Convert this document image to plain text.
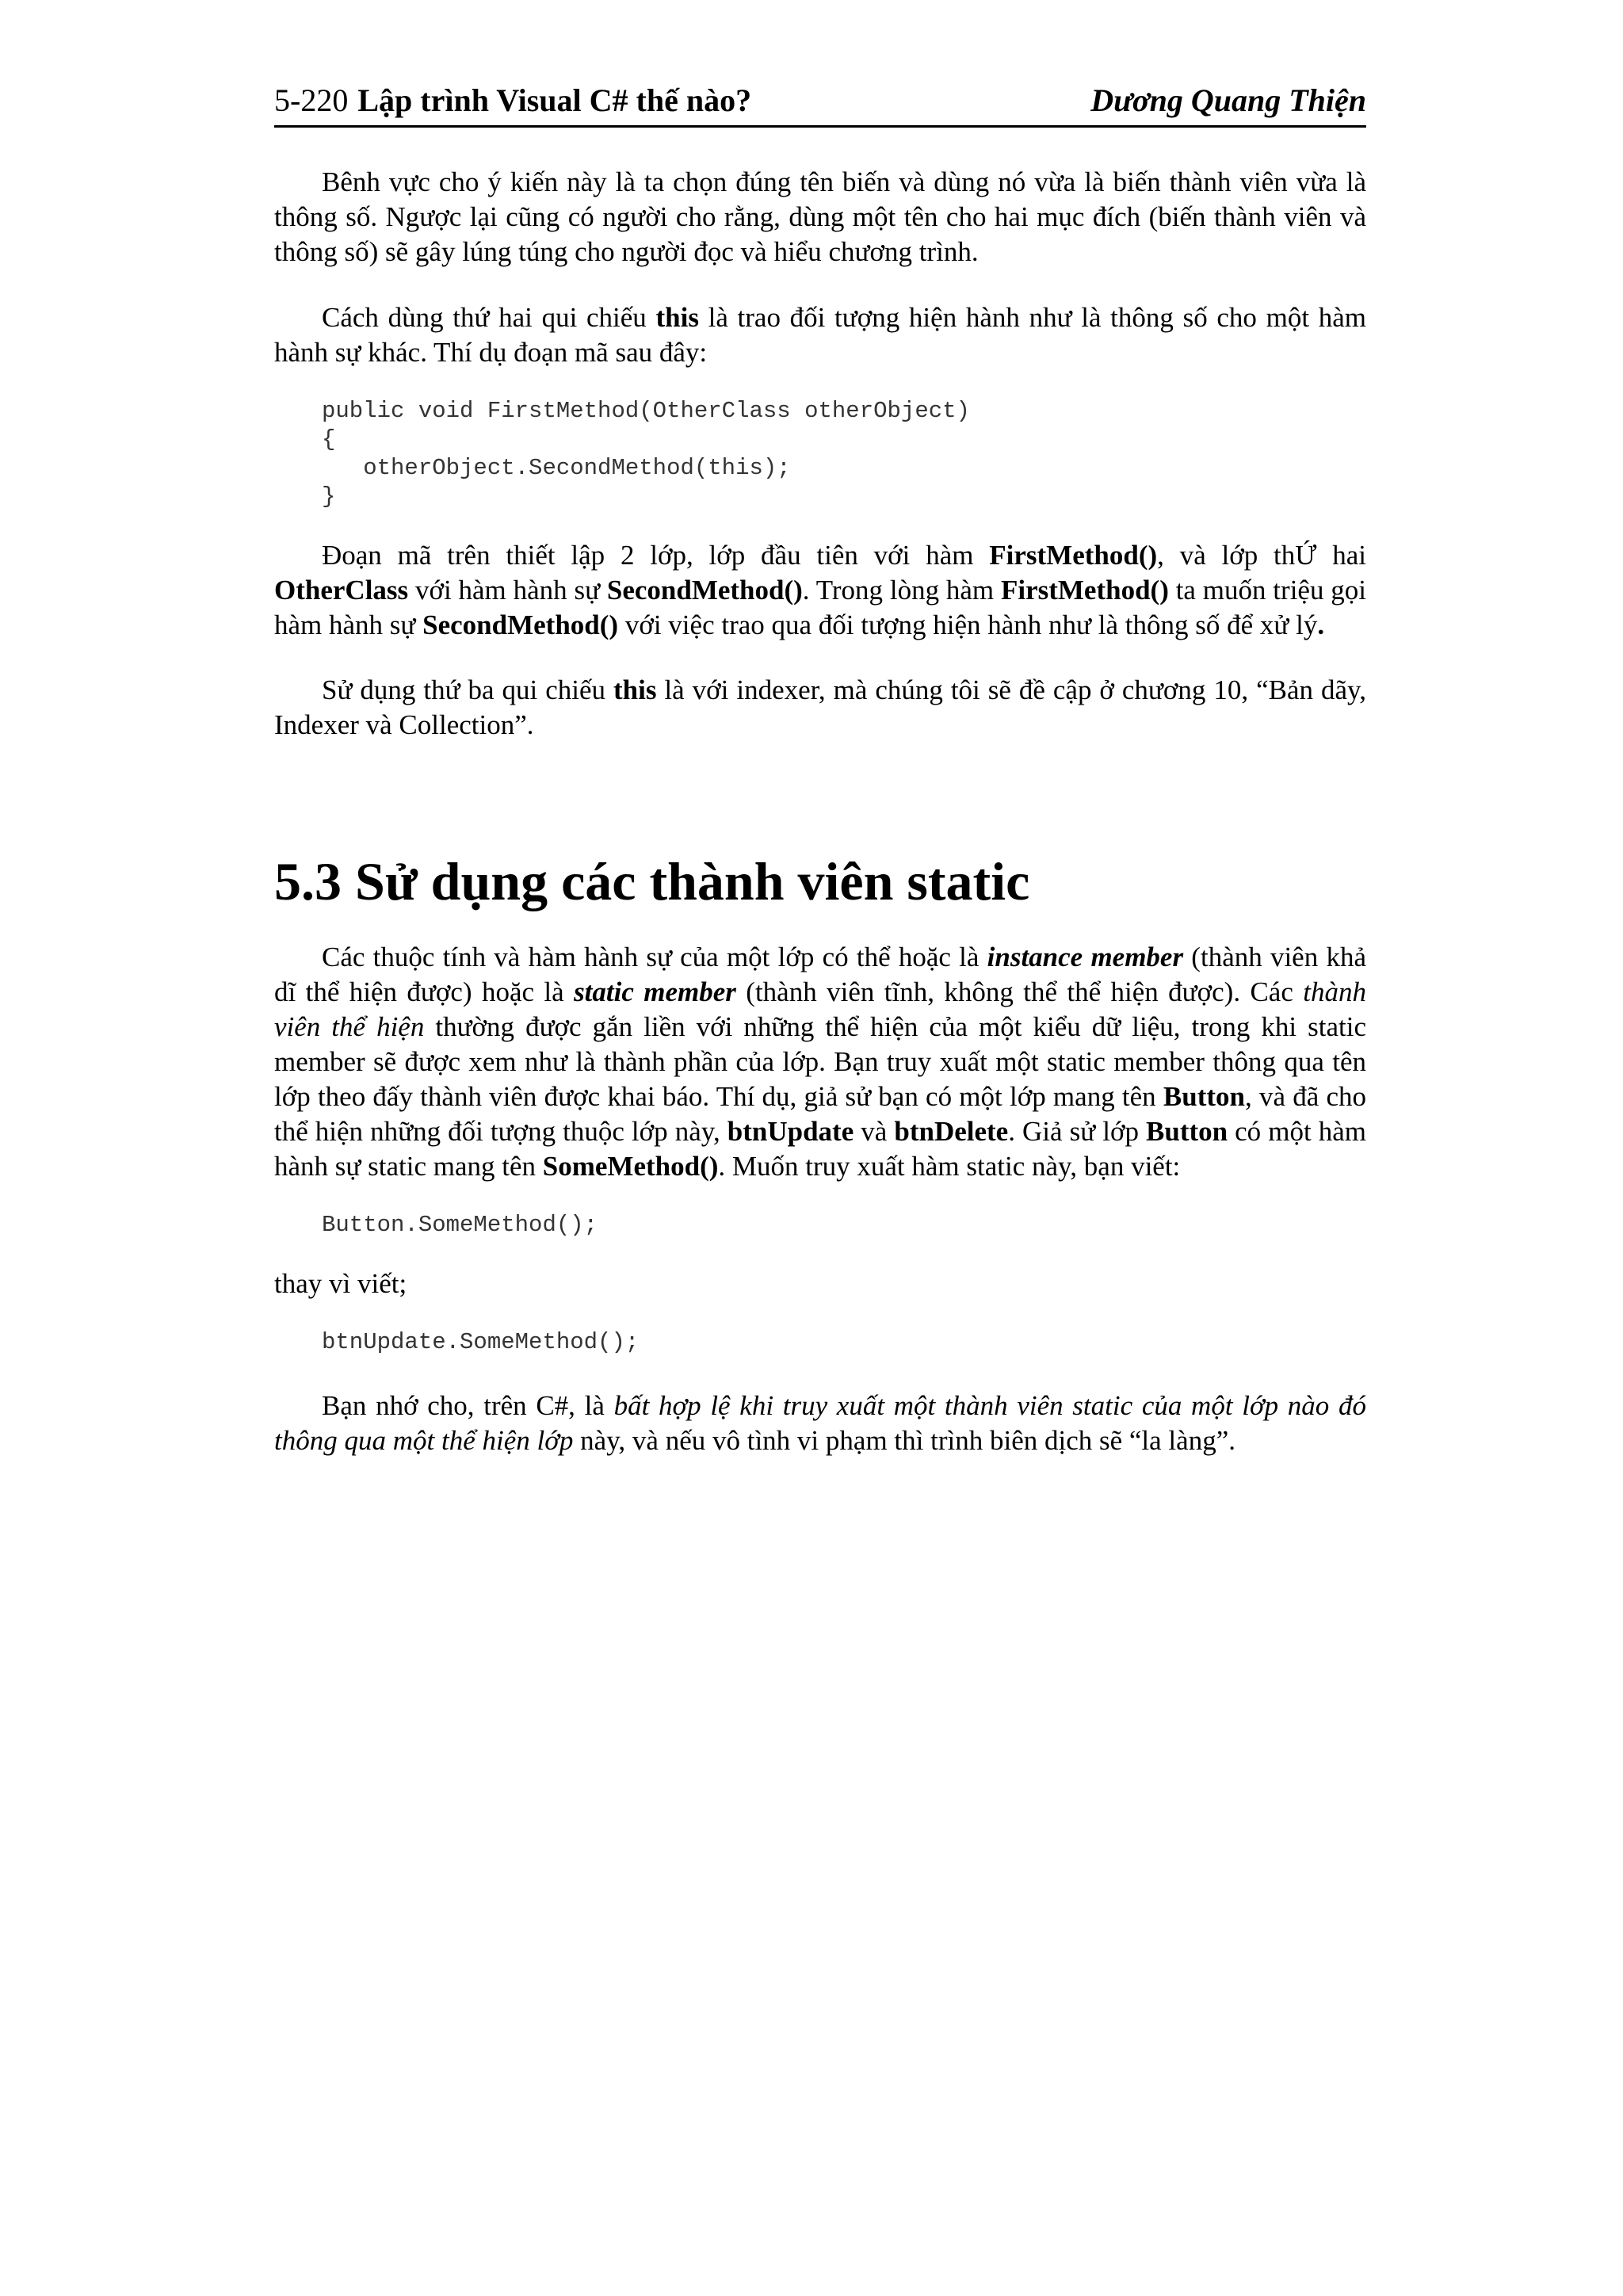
5-220 Lập trình Visual C# thế nào?	Dương Quang Thiện

Bênh vực cho ý kiến này là ta chọn đúng tên biến và dùng nó vừa là biến thành viên vừa là thông số. Ngược lại cũng có người cho rằng, dùng một tên cho hai mục đích (biến thành viên và thông số) sẽ gây lúng túng cho người đọc và hiểu chương trình.

Cách dùng thứ hai qui chiếu this là trao đối tượng hiện hành như là thông số cho một hàm hành sự khác. Thí dụ đoạn mã sau đây:

public void FirstMethod(OtherClass otherObject)
{
otherObject.SecondMethod(this);
}

Đoạn mã trên thiết lập 2 lớp, lớp đầu tiên với hàm FirstMethod(), và lớp thỨ hai OtherClass với hàm hành sự SecondMethod(). Trong lòng hàm FirstMethod() ta muốn triệu gọi hàm hành sự SecondMethod() với việc trao qua đối tượng hiện hành như là thông số để xử lý.

Sử dụng thứ ba qui chiếu this là với indexer, mà chúng tôi sẽ đề cập ở chương 10, “Bản dãy, Indexer và Collection”.

5.3 Sử dụng các thành viên static

Các thuộc tính và hàm hành sự của một lớp có thể hoặc là instance member (thành viên khả dĩ thể hiện được) hoặc là static member (thành viên tĩnh, không thể thể hiện được). Các thành viên thể hiện thường được gắn liền với những thể hiện của một kiểu dữ liệu, trong khi static member sẽ được xem như là thành phần của lớp. Bạn truy xuất một static member thông qua tên lớp theo đấy thành viên được khai báo. Thí dụ, giả sử bạn có một lớp mang tên Button, và đã cho thể hiện những đối tượng thuộc lớp này, btnUpdate và btnDelete. Giả sử lớp Button có một hàm hành sự static mang tên SomeMethod(). Muốn truy xuất hàm static này, bạn viết:

Button.SomeMethod();

thay vì viết;

btnUpdate.SomeMethod();

Bạn nhớ cho, trên C#, là bất hợp lệ khi truy xuất một thành viên static của một lớp nào đó thông qua một thể hiện lớp này, và nếu vô tình vi phạm thì trình biên dịch sẽ “la làng”.
